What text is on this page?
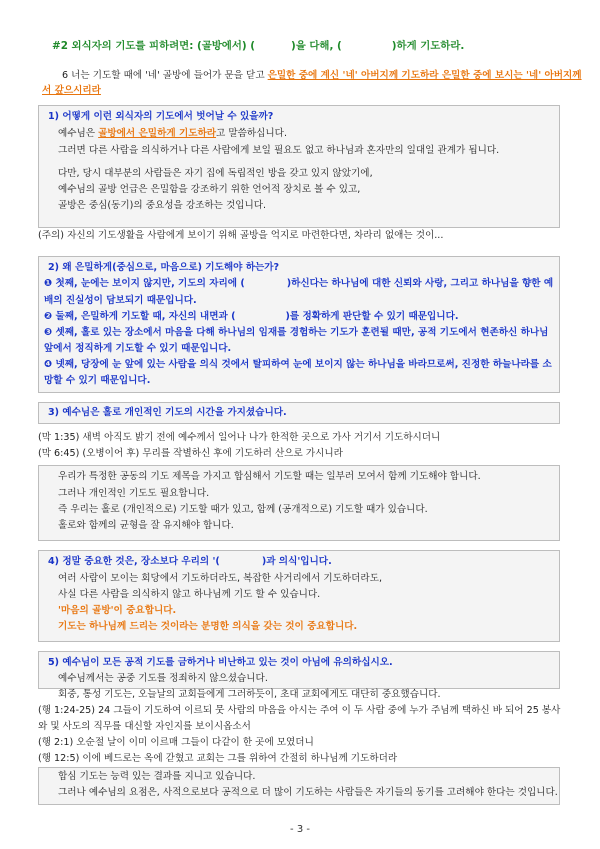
#2 외식자의 기도를 피하려면: (골방에서) (	)을 다해, (	)하게 기도하라.
6 너는 기도할 때에 '네' 골방에 들어가 문을 닫고 은밀한 중에 계신 '네' 아버지께 기도하라 은밀한 중에 보시는 '네' 아버지께
서 갚으시리라
1) 어떻게 이런 외식자의 기도에서 벗어날 수 있을까?
예수님은 골방에서 은밀하게 기도하라고 말씀하십니다.
그러면 다른 사람을 의식하거나 다른 사람에게 보일 필요도 없고 하나님과 혼자만의 일대일 관계가 됩니다.
다만, 당시 대부분의 사람들은 자기 집에 독립적인 방을 갖고 있지 않았기에,
예수님의 골방 언급은 은밀함을 강조하기 위한 언어적 장치로 볼 수 있고,
골방은 중심(동기)의 중요성을 강조하는 것입니다.
(주의) 자신의 기도생활을 사람에게 보이기 위해 골방을 억지로 마련한다면, 차라리 없애는 것이...
2) 왜 은밀하게(중심으로, 마음으로) 기도해야 하는가?
❶ 첫째, 눈에는 보이지 않지만, 기도의 자리에 (	)하신다는 하나님에 대한 신뢰와 사랑, 그리고 하나님을 향한 예
배의 진실성이 담보되기 때문입니다.
❷ 둘째, 은밀하게 기도할 때, 자신의 내면과 (	)를 정확하게 판단할 수 있기 때문입니다.
❸ 셋째, 홀로 있는 장소에서 마음을 다해 하나님의 임재를 경험하는 기도가 훈련될 때만, 공적 기도에서 현존하신 하나님
앞에서 정직하게 기도할 수 있기 때문입니다.
❹ 넷째, 당장에 눈 앞에 있는 사람을 의식 것에서 탈피하여 눈에 보이지 않는 하나님을 바라므로써, 진정한 하늘나라를 소
망할 수 있기 때문입니다.
3) 예수님은 홀로 개인적인 기도의 시간을 가지셨습니다.
(막 1:35) 새벽 아직도 밝기 전에 예수께서 일어나 나가 한적한 곳으로 가사 거기서 기도하시더니
(막 6:45) (오병이어 후) 무리를 작별하신 후에 기도하러 산으로 가시니라
우리가 특정한 공동의 기도 제목을 가지고 합심해서 기도할 때는 일부러 모여서 함께 기도해야 합니다.
그러나 개인적인 기도도 필요합니다.
즉 우리는 홀로 (개인적으로) 기도할 때가 있고, 함께 (공개적으로) 기도할 때가 있습니다.
홀로와 함께의 균형을 잘 유지해야 합니다.
4) 정말 중요한 것은, 장소보다 우리의 '(	)과 의식'입니다.
여러 사람이 모이는 회당에서 기도하더라도, 복잡한 사거리에서 기도하더라도,
사실 다른 사람을 의식하지 않고 하나님께 기도 할 수 있습니다.
'마음의 골방'이 중요합니다.
기도는 하나님께 드리는 것이라는 분명한 의식을 갖는 것이 중요합니다.
5) 예수님이 모든 공적 기도를 금하거나 비난하고 있는 것이 아님에 유의하십시오.
예수님께서는 공중 기도를 정죄하지 않으셨습니다.
회중, 통성 기도는, 오늘날의 교회들에게 그러하듯이, 초대 교회에게도 대단히 중요했습니다.
(행 1:24-25) 24 그들이 기도하여 이르되 뭇 사람의 마음을 아시는 주여 이 두 사람 중에 누가 주님께 택하신 바 되어 25 봉사
와 및 사도의 직무를 대신할 자인지를 보이시옵소서
(행 2:1) 오순절 날이 이미 이르매 그들이 다같이 한 곳에 모였더니
(행 12:5) 이에 베드로는 옥에 갇혔고 교회는 그를 위하여 간절히 하나님께 기도하더라
합심 기도는 능력 있는 결과를 지니고 있습니다.
그러나 예수님의 요점은, 사적으로보다 공적으로 더 많이 기도하는 사람들은 자기들의 동기를 고려해야 한다는 것입니다.
- 3 -
